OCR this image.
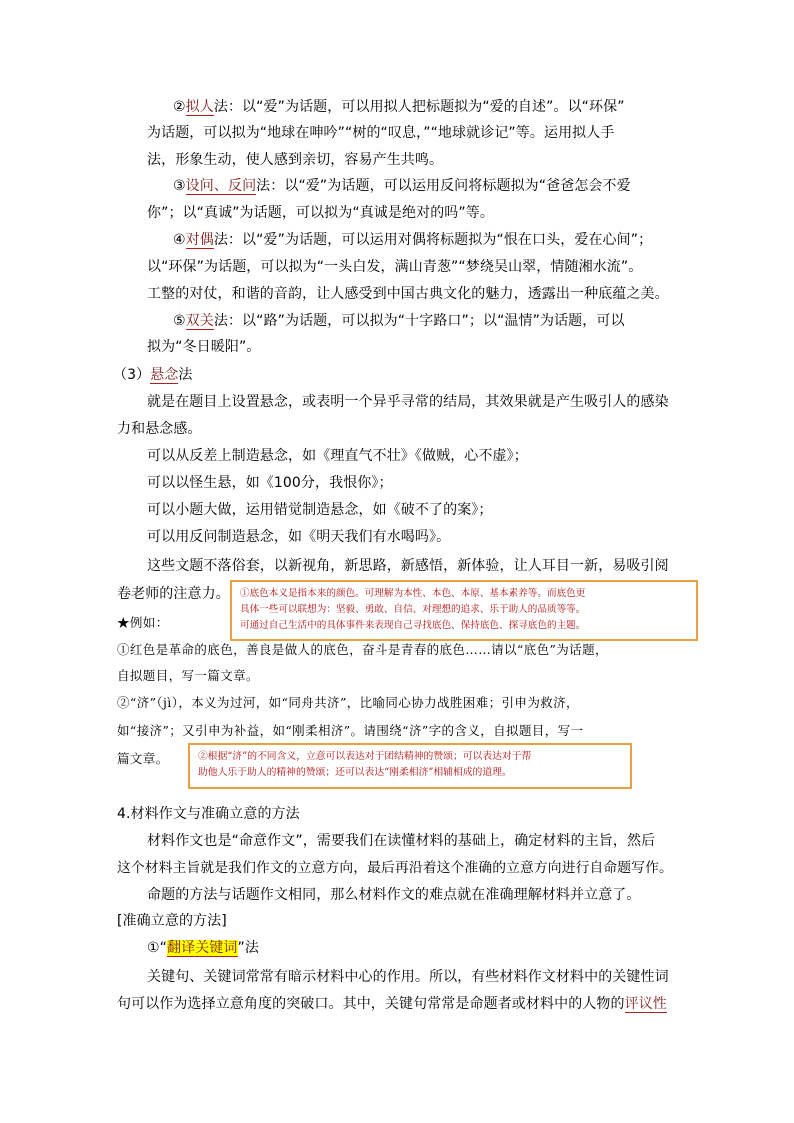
②拟人法：以“爱”为话题，可以用拟人把标题拟为“爱的自述”。以“环保”
为话题，可以拟为“地球在呻吟”“树的“叹息，”“地球就诊记”等。运用拟人手
法，形象生动，使人感到亲切，容易产生共鸣。
③设问、反问法：以“爱”为话题，可以运用反问将标题拟为“爸爸怎会不爱
你”；以“真诚”为话题，可以拟为“真诚是绝对的吗”等。
④对偶法：以“爱”为话题，可以运用对偶将标题拟为“恨在口头，爱在心间”；
以“环保”为话题，可以拟为“一头白发，满山青葱”“梦绕吴山翠，情随湘水流”。
工整的对仗，和谐的音韵，让人感受到中国古典文化的魅力，透露出一种底蕴之美。
⑤双关法：以“路”为话题，可以拟为“十字路口”；以“温情”为话题，可以
拟为“冬日暖阳”。
（3）悬念法
就是在题目上设置悬念，或表明一个异乎寻常的结局，其效果就是产生吸引人的感染
力和悬念感。
可以从反差上制造悬念，如《理直气不壮》《做贼，心不虚》；
可以以怪生悬，如《100分，我恨你》；
可以小题大做，运用错觉制造悬念，如《破不了的案》；
可以用反问制造悬念，如《明天我们有水喝吗》。
这些文题不落俗套，以新视角，新思路，新感悟，新体验，让人耳目一新，易吸引阅
卷老师的注意力。 ①底色本义是指本来的颜色。可理解为本性、本色、本原、基本素养等。而底色更
具体一些可以联想为：坚毅、勇敢、自信、对理想的追求、乐于助人的品质等等。
可通过自己生活中的具体事件来表现自己寻找底色、保持底色、探寻底色的主题。
★例如：
①红色是革命的底色，善良是做人的底色，奋斗是青春的底色……请以“底色”为话题，
自拟题目，写一篇文章。
②“济”（jì），本义为过河，如“同舟共济”，比喻同心协力战胜困难；引申为救济，
如“接济”；又引申为补益，如“刚柔相济”。请围绕“济”字的含义，自拟题目，写一
篇文章。	②根据“济”的不同含义，立意可以表达对于团结精神的赞颂；可以表达对于帮
助他人乐于助人的精神的赞颂；还可以表达“刚柔相济”相辅相成的道理。
4.材料作文与准确立意的方法
材料作文也是“命意作文”，需要我们在读懂材料的基础上，确定材料的主旨，然后
这个材料主旨就是我们作文的立意方向，最后再沿着这个准确的立意方向进行自命题写作。
命题的方法与话题作文相同，那么材料作文的难点就在准确理解材料并立意了。
[准确立意的方法]
①“翻译关键词”法
关键句、关键词常常有暗示材料中心的作用。所以，有些材料作文材料中的关键性词
句可以作为选择立意角度的突破口。其中，关键句常常是命题者或材料中的人物的评议性
